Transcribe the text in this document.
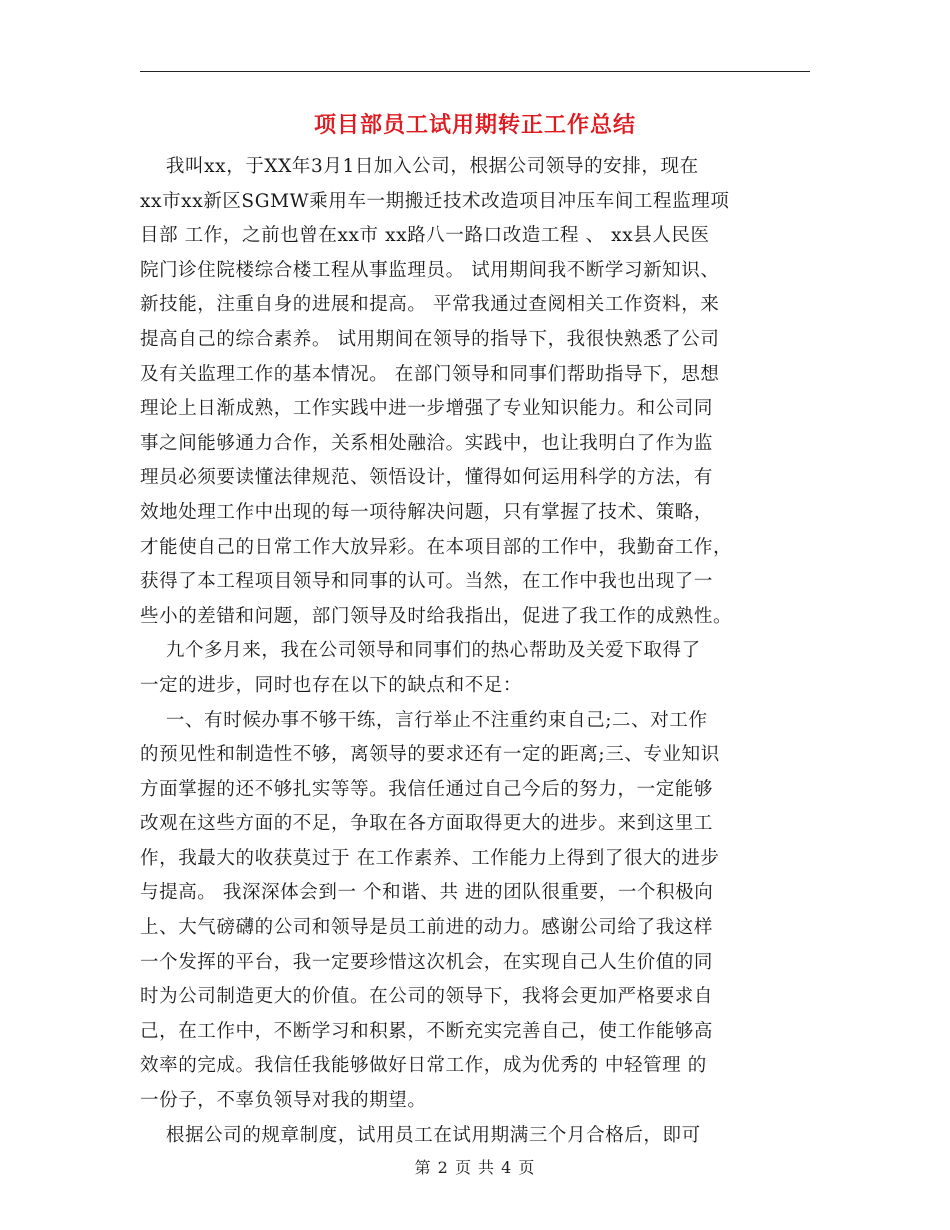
项目部员工试用期转正工作总结
我叫xx，于XX年3月1日加入公司，根据公司领导的安排，现在
xx市xx新区SGMW乘用车一期搬迁技术改造项目冲压车间工程监理项
目部 工作，之前也曾在xx市 xx路八一路口改造工程 、 xx县人民医
院门诊住院楼综合楼工程从事监理员。 试用期间我不断学习新知识、
新技能，注重自身的进展和提高。 平常我通过查阅相关工作资料，来
提高自己的综合素养。 试用期间在领导的指导下，我很快熟悉了公司
及有关监理工作的基本情况。 在部门领导和同事们帮助指导下，思想
理论上日渐成熟，工作实践中进一步增强了专业知识能力。和公司同
事之间能够通力合作，关系相处融洽。实践中，也让我明白了作为监
理员必须要读懂法律规范、领悟设计，懂得如何运用科学的方法，有
效地处理工作中出现的每一项待解决问题，只有掌握了技术、策略，
才能使自己的日常工作大放异彩。在本项目部的工作中，我勤奋工作，
获得了本工程项目领导和同事的认可。当然，在工作中我也出现了一
些小的差错和问题，部门领导及时给我指出，促进了我工作的成熟性。
九个多月来，我在公司领导和同事们的热心帮助及关爱下取得了
一定的进步，同时也存在以下的缺点和不足：
一、有时候办事不够干练，言行举止不注重约束自己;二、对工作
的预见性和制造性不够，离领导的要求还有一定的距离;三、专业知识
方面掌握的还不够扎实等等。我信任通过自己今后的努力，一定能够
改观在这些方面的不足，争取在各方面取得更大的进步。来到这里工
作，我最大的收获莫过于 在工作素养、工作能力上得到了很大的进步
与提高。 我深深体会到一 个和谐、共 进的团队很重要，一个积极向
上、大气磅礴的公司和领导是员工前进的动力。感谢公司给了我这样
一个发挥的平台，我一定要珍惜这次机会，在实现自己人生价值的同
时为公司制造更大的价值。在公司的领导下，我将会更加严格要求自
己，在工作中，不断学习和积累，不断充实完善自己，使工作能够高
效率的完成。我信任我能够做好日常工作，成为优秀的 中轻管理 的
一份子，不辜负领导对我的期望。
根据公司的规章制度，试用员工在试用期满三个月合格后，即可
第 2 页 共 4 页
